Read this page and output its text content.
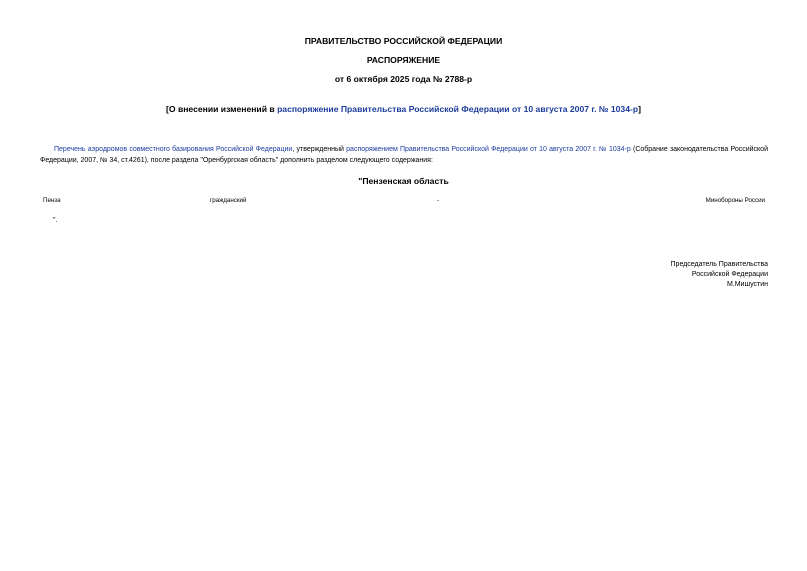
ПРАВИТЕЛЬСТВО РОССИЙСКОЙ ФЕДЕРАЦИИ
РАСПОРЯЖЕНИЕ
от 6 октября 2025 года № 2788-р
[О внесении изменений в распоряжение Правительства Российской Федерации от 10 августа 2007 г. № 1034-р]
Перечень аэродромов совместного базирования Российской Федерации, утвержденный распоряжением Правительства Российской Федерации от 10 августа 2007 г. № 1034-р (Собрание законодательства Российской Федерации, 2007, № 34, ст.4261), после раздела "Оренбургская область" дополнить разделом следующего содержания:
"Пензенская область
Пенза	гражданский	-	Минобороны России
".
Председатель Правительства
Российской Федерации
М.Мишустин
